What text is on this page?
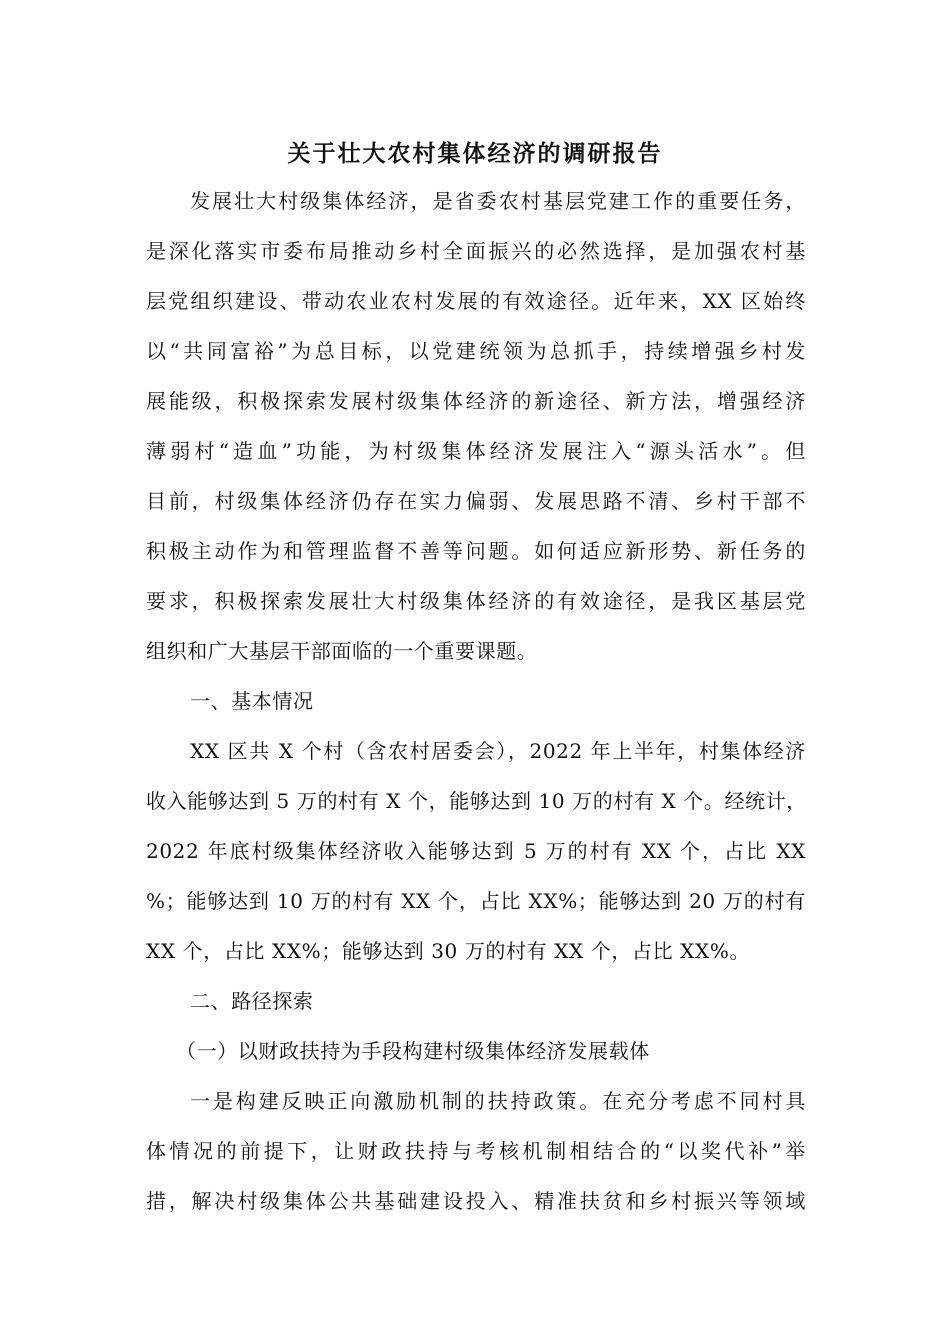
关于壮大农村集体经济的调研报告
发展壮大村级集体经济，是省委农村基层党建工作的重要任务，
是深化落实市委布局推动乡村全面振兴的必然选择，是加强农村基
层党组织建设、带动农业农村发展的有效途径。近年来，XX 区始终
以“共同富裕”为总目标，以党建统领为总抓手，持续增强乡村发
展能级，积极探索发展村级集体经济的新途径、新方法，增强经济
薄弱村“造血”功能，为村级集体经济发展注入“源头活水”。但
目前，村级集体经济仍存在实力偏弱、发展思路不清、乡村干部不
积极主动作为和管理监督不善等问题。如何适应新形势、新任务的
要求，积极探索发展壮大村级集体经济的有效途径，是我区基层党
组织和广大基层干部面临的一个重要课题。
一、基本情况
XX 区共 X 个村（含农村居委会），2022 年上半年，村集体经济
收入能够达到 5 万的村有 X 个，能够达到 10 万的村有 X 个。经统计，
2022 年底村级集体经济收入能够达到 5 万的村有 XX 个，占比 XX
%；能够达到 10 万的村有 XX 个，占比 XX%；能够达到 20 万的村有
XX 个，占比 XX%；能够达到 30 万的村有 XX 个，占比 XX%。
二、路径探索
（一）以财政扶持为手段构建村级集体经济发展载体
一是构建反映正向激励机制的扶持政策。在充分考虑不同村具
体情况的前提下，让财政扶持与考核机制相结合的“以奖代补”举
措，解决村级集体公共基础建设投入、精准扶贫和乡村振兴等领域
